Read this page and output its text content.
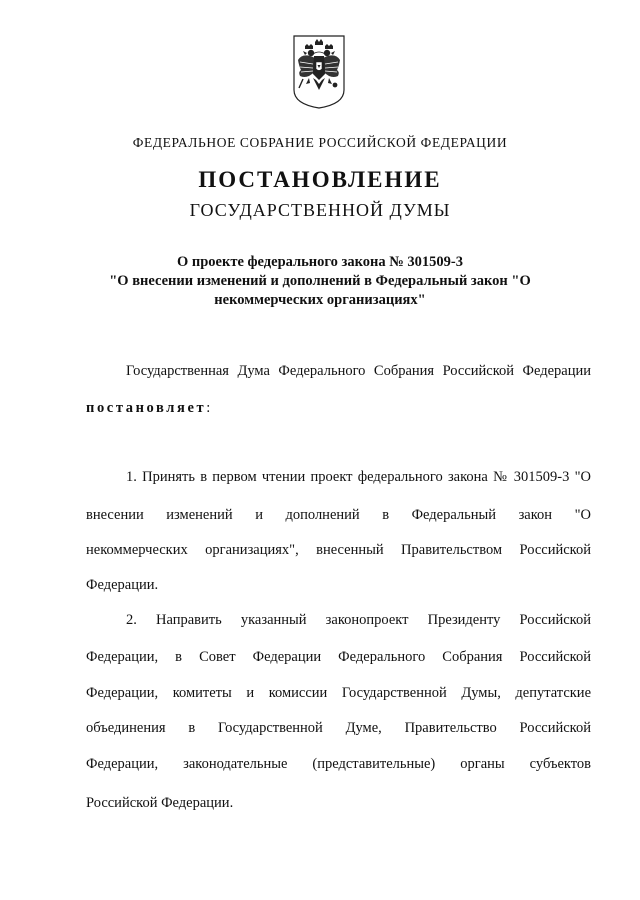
ФЕДЕРАЛЬНОЕ СОБРАНИЕ РОССИЙСКОЙ ФЕДЕРАЦИИ
ПОСТАНОВЛЕНИЕ
ГОСУДАРСТВЕННОЙ ДУМЫ
О проекте федерального закона № 301509-3
"О внесении изменений и дополнений в Федеральный закон "О
некоммерческих организациях"
Государственная Дума Федерального Собрания Российской Федерации
постановляет:
1. Принять в первом чтении проект федерального закона № 301509-3 "О
внесении изменений и дополнений в Федеральный закон "О
некоммерческих организациях", внесенный Правительством Российской
Федерации.
2. Направить указанный законопроект Президенту Российской
Федерации, в Совет Федерации Федерального Собрания Российской
Федерации, комитеты и комиссии Государственной Думы, депутатские
объединения в Государственной Думе, Правительство Российской
Федерации, законодательные (представительные) органы субъектов
Российской Федерации.
